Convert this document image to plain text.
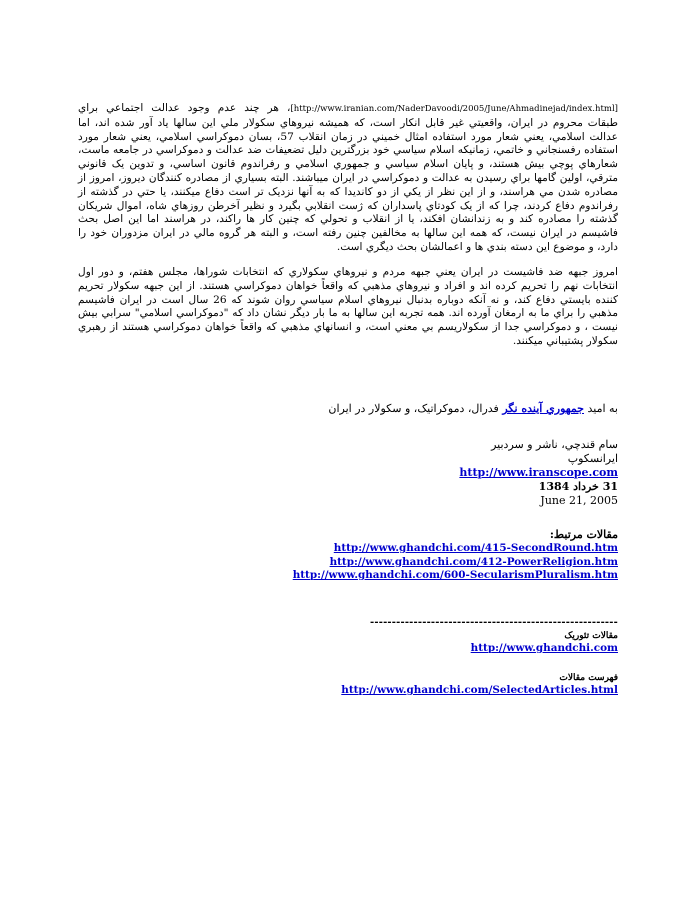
[http://www.iranian.com/NaderDavoodi/2005/June/Ahmadinejad/index.html]، هر چند عدم وجود عدالت اجتماعي براي طبقات محروم در ايران، واقعيتي غير قابل انكار است، كه هميشه نيروهاي سكولار ملي اين سالها ياد آور شده اند، اما عدالت اسلامي، يعني شعار مورد استفاده امثال خميني در زمان انقلاب 57، بسان دموكراسي اسلامي، يعني شعار مورد استفاده رفسنجاني و خاتمي، زمانيكه اسلام سياسي خود بزرگترين دليل تضعيفات ضد عدالت و دموكراسي در جامعه ماست، شعارهاي پوچي بيش هستند، و پايان اسلام سياسي و جمهوري اسلامي و رفراندوم قانون اساسي، و تدوين يک قانوني مترقي، اولين گامها براي رسيدن به عدالت و دموكراسي در ايران ميباشند. البته بسياري از مصادره كنندگان ديروز، امروز از مصادره شدن مي هراسند، و از اين نظر از يكي از دو كانديدا كه به آنها نزديک تر است دفاع ميكنند، يا حتي در گذشته از رفراندوم دفاع كردند، چرا كه از يک كودتاي پاسداران كه ژست انقلابي بگيرد و نظير آخرطن روزهاي شاه، اموال شريكان گذشته را مصادره كند و به زندانشان افكند، يا از انقلاب و تحولي كه چنين كار ها راكند، در هراسند اما اين اصل بحث فاشيسم در ايران نيست، كه همه اين سالها به مخالفين چنين رفته است، و البته هر گروه مالي در ايران مزدوران خود را دارد، و موضوع اين دسته بندي ها و اعمالشان بحث ديگري است.

امروز جبهه ضد فاشيست در ايران يعني جبهه مردم و نيروهاي سكولاري كه انتخابات شوراها، مجلس هفتم، و دور اول انتخابات نهم را تحريم كرده اند و افراد و نيروهاي مذهبي كه واقعاً خواهان دموكراسي هستند. از اين جبهه سكولار تحريم كننده بايستي دفاع كند، و نه آنكه دوباره بدنبال نيروهاي اسلام سياسي روان شوند كه 26 سال است در ايران فاشيسم مذهبي را براي ما به ارمغان آورده اند. همه تجربه اين سالها به ما بار ديگر نشان داد كه "دموكراسي اسلامي" سرابي بيش نيست ، و دموكراسي جدا از سكولاريسم بي معني است، و انسانهاي مذهبي كه واقعاً خواهان دموكراسي هستند از رهبري سكولار پشتيباني ميكنند.

به اميد جمهوري آينده نگر فدرال، دموكراتيک، و سكولار در ايران

سام قندچي، ناشر و سردبير

ايرانسكوپ

http://www.iranscope.com

31 خرداد 1384

June 21, 2005

مقالات مرتبط:

http://www.ghandchi.com/415-SecondRound.htm
http://www.ghandchi.com/412-PowerReligion.htm
http://www.ghandchi.com/600-SecularismPluralism.htm
---------------------------------------------------------

مقالات تئوريک

http://www.ghandchi.com

فهرست مقالات

http://www.ghandchi.com/SelectedArticles.html
